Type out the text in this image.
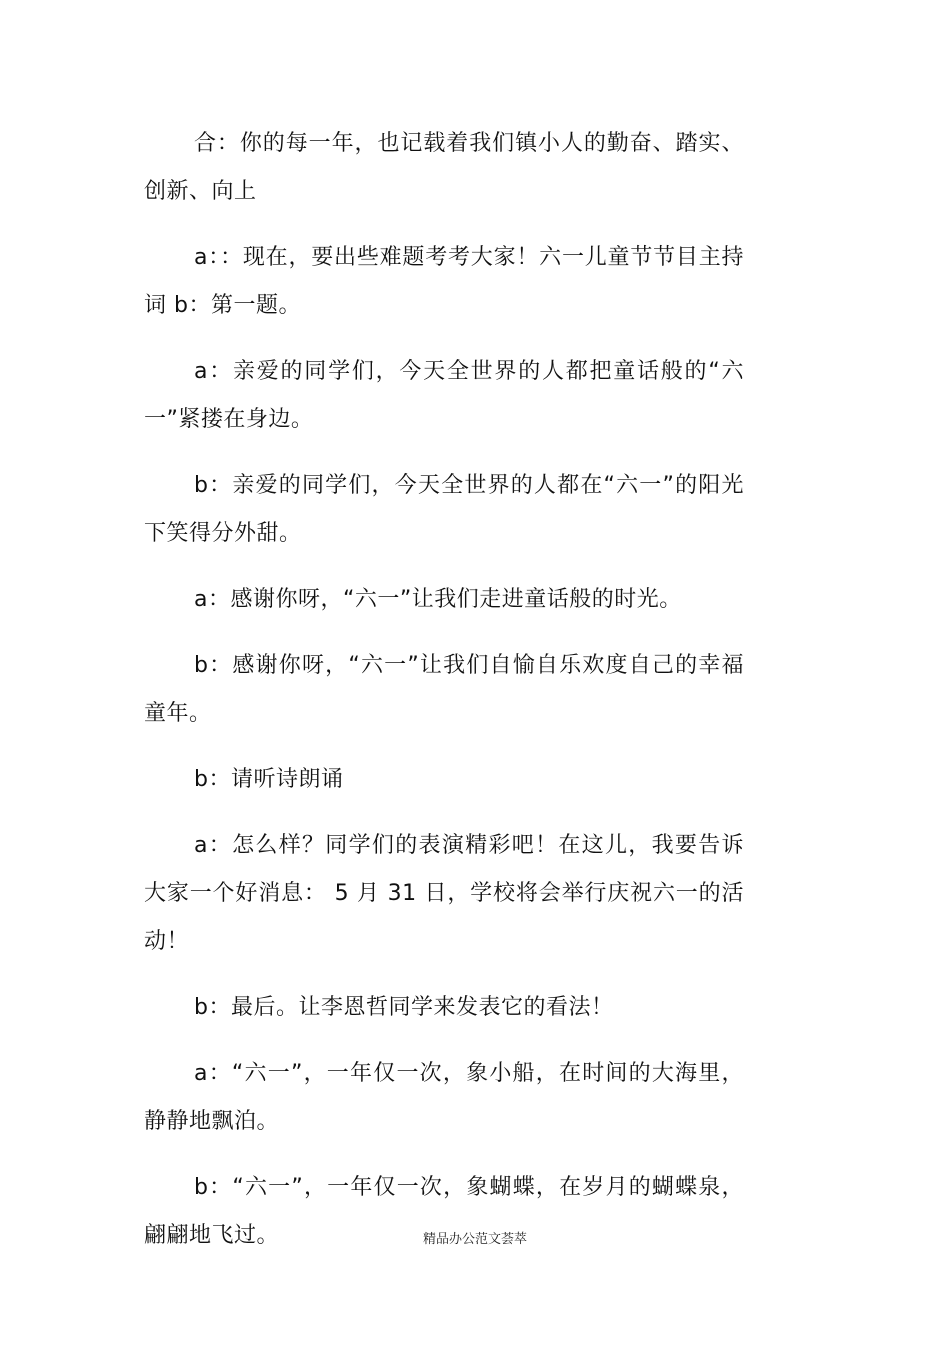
合：你的每一年，也记载着我们镇小人的勤奋、踏实、创新、向上

a：：现在，要出些难题考考大家！六一儿童节节目主持词 b：第一题。

a：亲爱的同学们，今天全世界的人都把童话般的“六一”紧搂在身边。

b：亲爱的同学们，今天全世界的人都在“六一”的阳光下笑得分外甜。

a：感谢你呀，“六一”让我们走进童话般的时光。

b：感谢你呀，“六一”让我们自愉自乐欢度自己的幸福童年。

b：请听诗朗诵

a：怎么样？同学们的表演精彩吧！在这儿，我要告诉大家一个好消息： 5 月 31 日，学校将会举行庆祝六一的活动！

b：最后。让李恩哲同学来发表它的看法！

a：“六一”，一年仅一次，象小船，在时间的大海里，静静地飘泊。

b：“六一”，一年仅一次，象蝴蝶，在岁月的蝴蝶泉，翩翩地飞过。	精品办公范文荟萃
